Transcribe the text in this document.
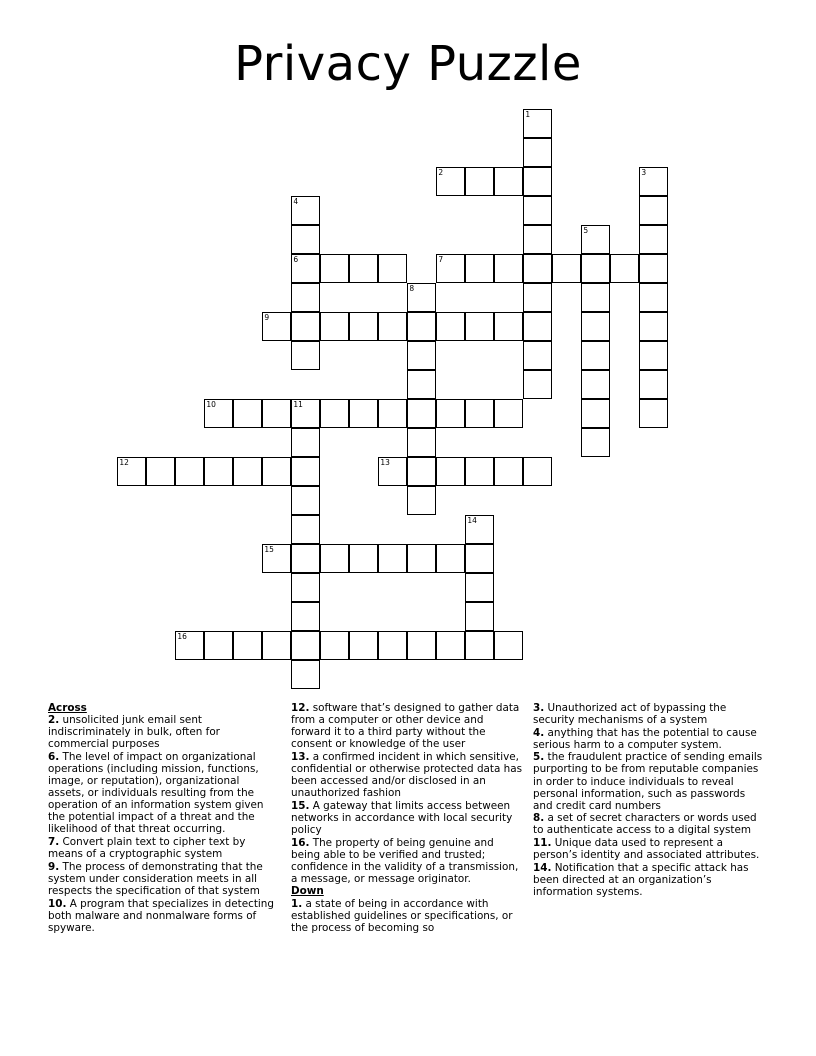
Privacy Puzzle
1
2	3
4
5
6	7
8
9
10	11
12	13
14
15
16
Across
2. unsolicited junk email sent indiscriminately in bulk, often for commercial purposes
6. The level of impact on organizational operations (including mission, functions, image, or reputation), organizational assets, or individuals resulting from the operation of an information system given the potential impact of a threat and the likelihood of that threat occurring.
7. Convert plain text to cipher text by means of a cryptographic system
9. The process of demonstrating that the system under consideration meets in all respects the specification of that system
10. A program that specializes in detecting both malware and nonmalware forms of spyware.
12. software that’s designed to gather data from a computer or other device and forward it to a third party without the consent or knowledge of the user
13. a confirmed incident in which sensitive, confidential or otherwise protected data has been accessed and/or disclosed in an unauthorized fashion
15. A gateway that limits access between networks in accordance with local security policy
16. The property of being genuine and being able to be verified and trusted; confidence in the validity of a transmission, a message, or message originator.
Down
1. a state of being in accordance with established guidelines or specifications, or the process of becoming so
3. Unauthorized act of bypassing the security mechanisms of a system
4. anything that has the potential to cause serious harm to a computer system.
5. the fraudulent practice of sending emails purporting to be from reputable companies in order to induce individuals to reveal personal information, such as passwords and credit card numbers
8. a set of secret characters or words used to authenticate access to a digital system
11. Unique data used to represent a person’s identity and associated attributes.
14. Notification that a specific attack has been directed at an organization’s information systems.
